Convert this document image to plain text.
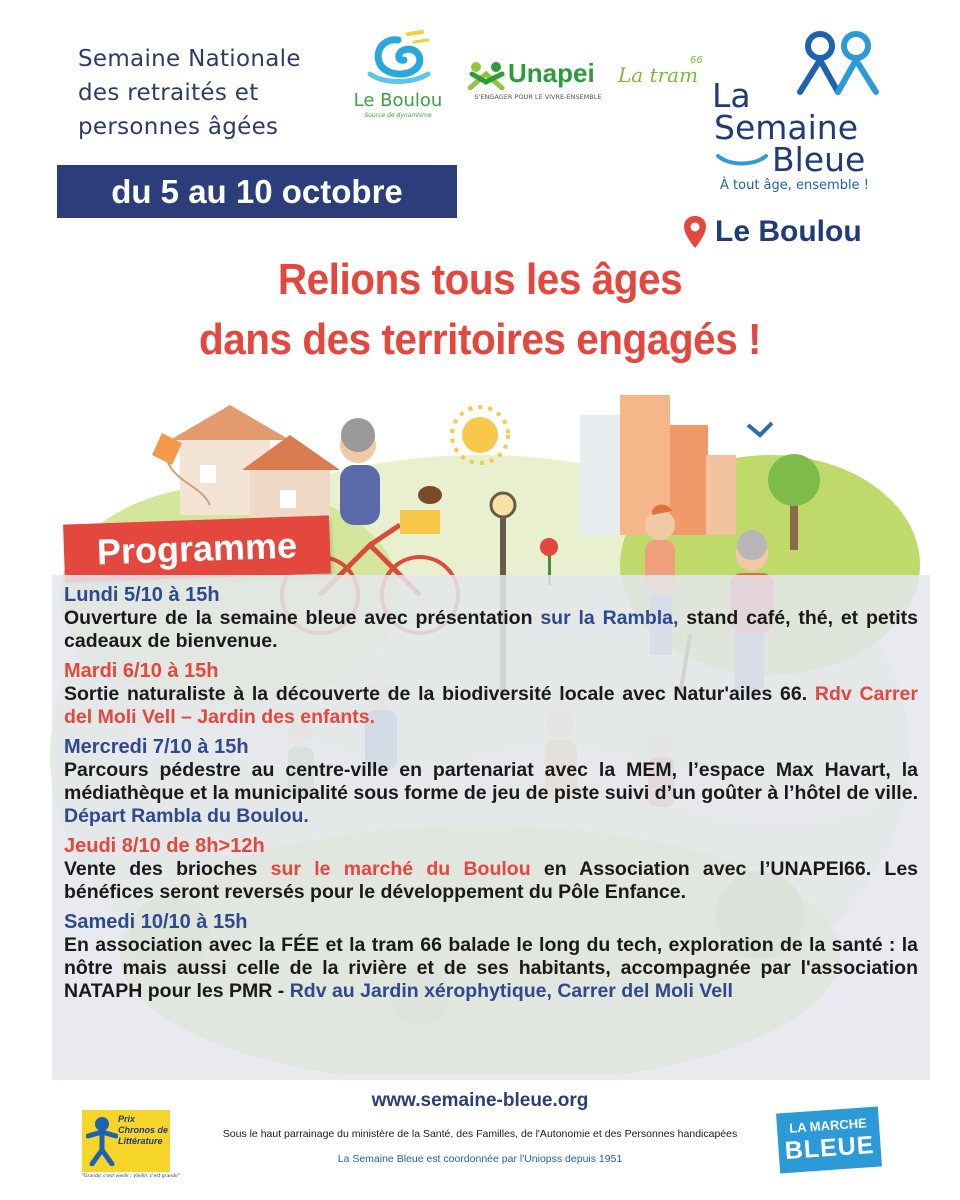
Semaine Nationale
des retraités et
personnes âgées
du 5 au 10 octobre
Le Boulou
Source de dynamisme
Unapei
S'ENGAGER POUR LE VIVRE-ENSEMBLE
La tram
66
La
Semaine
Bleue
À tout âge, ensemble !
Le Boulou
Relions tous les âges
dans des territoires engagés !
Programme
Lundi 5/10 à 15h
Ouverture de la semaine bleue avec présentation sur la Rambla, stand café, thé, et petits cadeaux de bienvenue.
Mardi 6/10 à 15h
Sortie naturaliste à la découverte de la biodiversité locale avec Natur'ailes 66. Rdv Carrer del Moli Vell – Jardin des enfants.
Mercredi 7/10 à 15h
Parcours pédestre au centre-ville en partenariat avec la MEM, l’espace Max Havart, la médiathèque et la municipalité sous forme de jeu de piste suivi d’un goûter à l’hôtel de ville. Départ Rambla du Boulou.
Jeudi 8/10 de 8h>12h
Vente des brioches sur le marché du Boulou en Association avec l’UNAPEI66. Les bénéfices seront reversés pour le développement du Pôle Enfance.
Samedi 10/10 à 15h
En association avec la FÉE et la tram 66 balade le long du tech, exploration de la santé : la nôtre mais aussi celle de la rivière et de ses habitants, accompagnée par l'association NATAPH pour les PMR - Rdv au Jardin xérophytique, Carrer del Moli Vell
www.semaine-bleue.org
Prix Chronos de Littérature
"Grandir, c'est vieillir ; Vieillir, c'est grandir"
Sous le haut parrainage du ministère de la Santé, des Familles, de l'Autonomie et des Personnes handicapées
La Semaine Bleue est coordonnée par l'Uniopss depuis 1951
LA MARCHE
BLEUE
